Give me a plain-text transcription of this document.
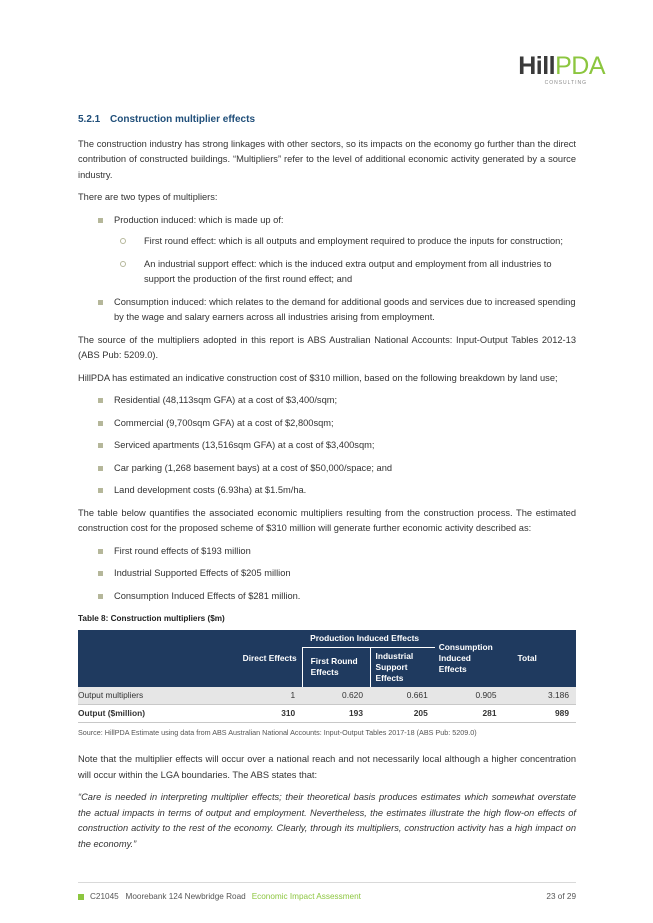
HillPDA
CONSULTING
5.2.1 Construction multiplier effects

The construction industry has strong linkages with other sectors, so its impacts on the economy go further than the direct contribution of constructed buildings. “Multipliers” refer to the level of additional economic activity generated by a source industry.

There are two types of multipliers:

Production induced: which is made up of:
First round effect: which is all outputs and employment required to produce the inputs for construction;
An industrial support effect: which is the induced extra output and employment from all industries to support the production of the first round effect; and
Consumption induced: which relates to the demand for additional goods and services due to increased spending by the wage and salary earners across all industries arising from employment.

The source of the multipliers adopted in this report is ABS Australian National Accounts: Input-Output Tables 2012-13 (ABS Pub: 5209.0).

HillPDA has estimated an indicative construction cost of $310 million, based on the following breakdown by land use;

Residential (48,113sqm GFA) at a cost of $3,400/sqm;
Commercial (9,700sqm GFA) at a cost of $2,800sqm;
Serviced apartments (13,516sqm GFA) at a cost of $3,400sqm;
Car parking (1,268 basement bays) at a cost of $50,000/space; and
Land development costs (6.93ha) at $1.5m/ha.

The table below quantifies the associated economic multipliers resulting from the construction process. The estimated construction cost for the proposed scheme of $310 million will generate further economic activity described as:

First round effects of $193 million
Industrial Supported Effects of $205 million
Consumption Induced Effects of $281 million.
Table 8: Construction multipliers ($m)
	Direct Effects	Production Induced Effects		Consumption Induced Effects	Total
		First Round Effects	Industrial Support Effects		
Output multipliers	1	0.620	0.661	0.905	3.186
Output ($million)	310	193	205	281	989
Source: HillPDA Estimate using data from ABS Australian National Accounts: Input-Output Tables 2017-18 (ABS Pub: 5209.0)

Note that the multiplier effects will occur over a national reach and not necessarily local although a higher concentration will occur within the LGA boundaries. The ABS states that:

“Care is needed in interpreting multiplier effects; their theoretical basis produces estimates which somewhat overstate the actual impacts in terms of output and employment. Nevertheless, the estimates illustrate the high flow-on effects of construction activity to the rest of the economy. Clearly, through its multipliers, construction activity has a high impact on the economy.”

C21045 Moorebank 124 Newbridge Road Economic Impact Assessment	23 of 29
